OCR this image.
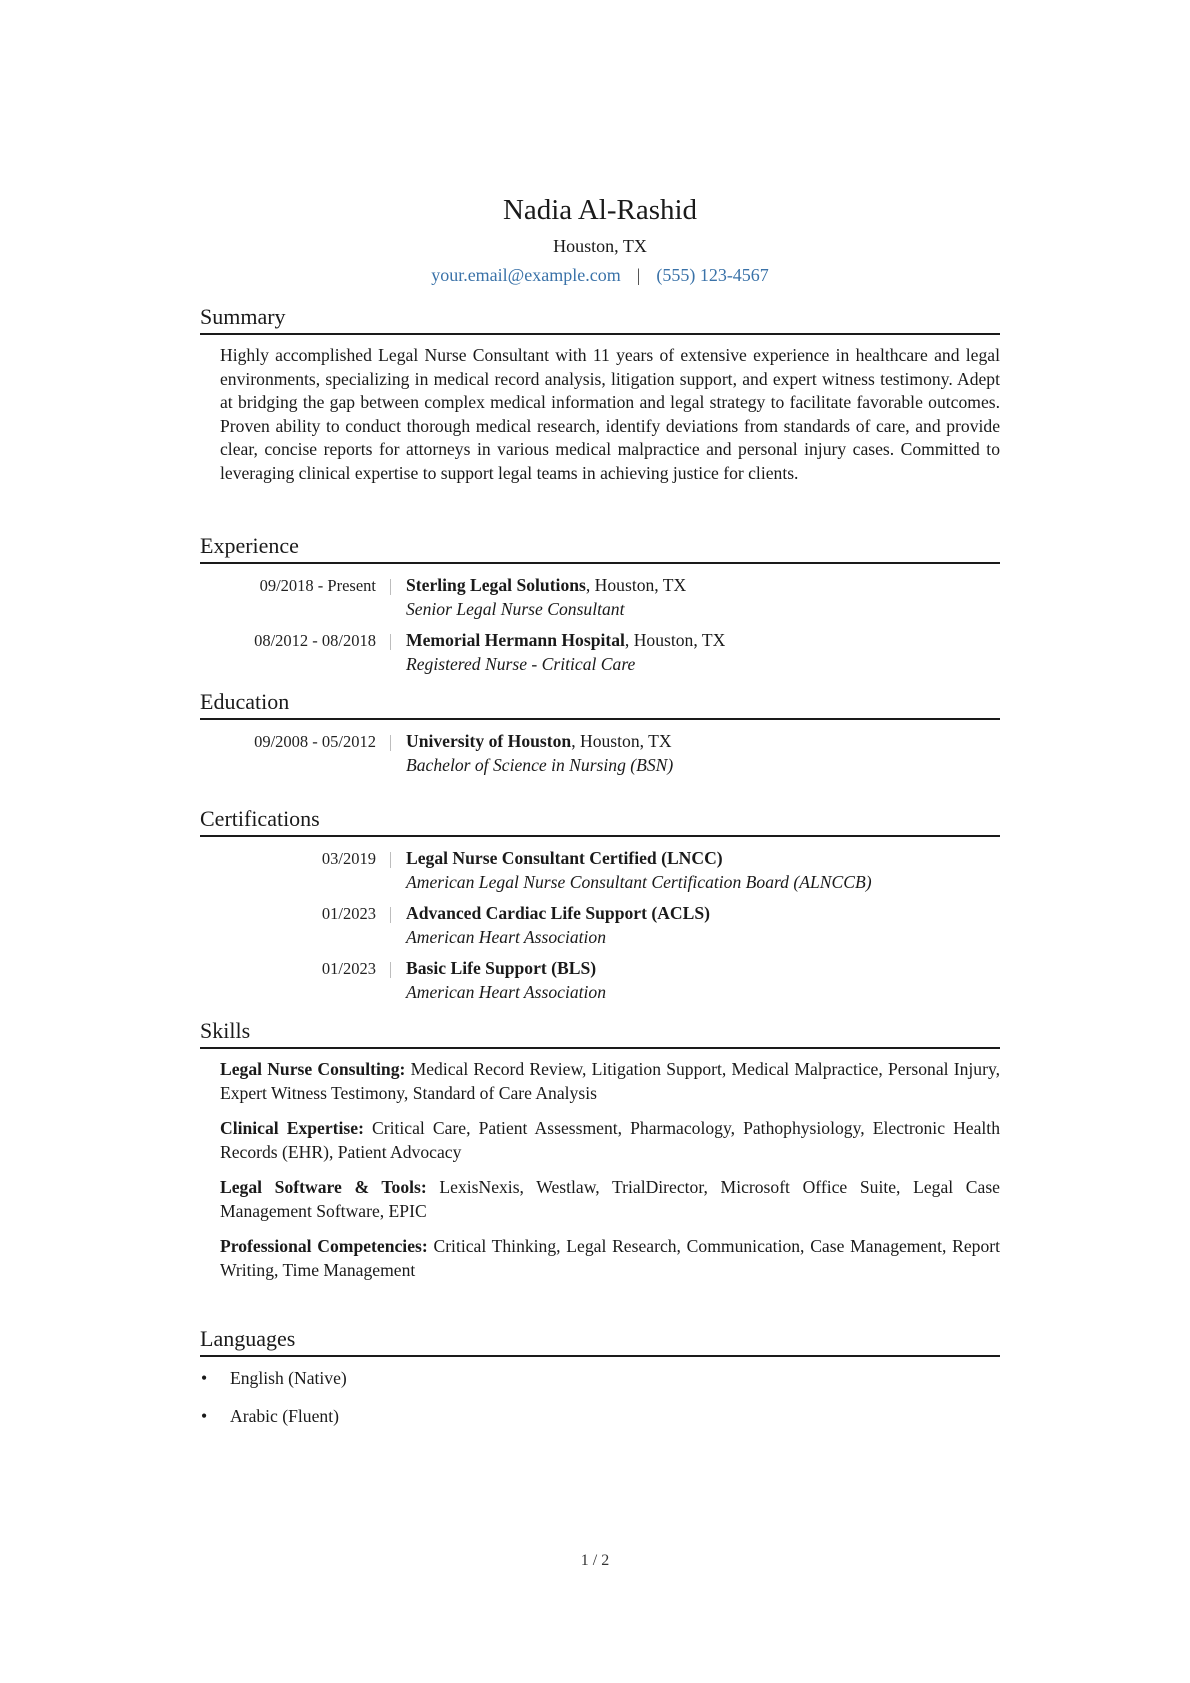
Nadia Al-Rashid
Houston, TX
your.email@example.com | (555) 123-4567
Summary

Highly accomplished Legal Nurse Consultant with 11 years of extensive experience in healthcare and legal environments, specializing in medical record analysis, litigation support, and expert witness testimony. Adept at bridging the gap between complex medical information and legal strategy to facilitate favorable outcomes. Proven ability to conduct thorough medical research, identify deviations from standards of care, and provide clear, concise reports for attorneys in various medical malpractice and personal injury cases. Committed to leveraging clinical expertise to support legal teams in achieving justice for clients.

Experience
09/2018 - Present	Sterling Legal Solutions, Houston, TX
Senior Legal Nurse Consultant
08/2012 - 08/2018	Memorial Hermann Hospital, Houston, TX
Registered Nurse - Critical Care
Education
09/2008 - 05/2012	University of Houston, Houston, TX
Bachelor of Science in Nursing (BSN)
Certifications
03/2019	Legal Nurse Consultant Certified (LNCC)
American Legal Nurse Consultant Certification Board (ALNCCB)
01/2023	Advanced Cardiac Life Support (ACLS)
American Heart Association
01/2023	Basic Life Support (BLS)
American Heart Association
Skills
Legal Nurse Consulting: Medical Record Review, Litigation Support, Medical Malpractice, Personal Injury, Expert Witness Testimony, Standard of Care Analysis
Clinical Expertise: Critical Care, Patient Assessment, Pharmacology, Pathophysiology, Electronic Health Records (EHR), Patient Advocacy
Legal Software & Tools: LexisNexis, Westlaw, TrialDirector, Microsoft Office Suite, Legal Case Management Software, EPIC
Professional Competencies: Critical Thinking, Legal Research, Communication, Case Management, Report Writing, Time Management
Languages
• English (Native)
• Arabic (Fluent)
1 / 2
